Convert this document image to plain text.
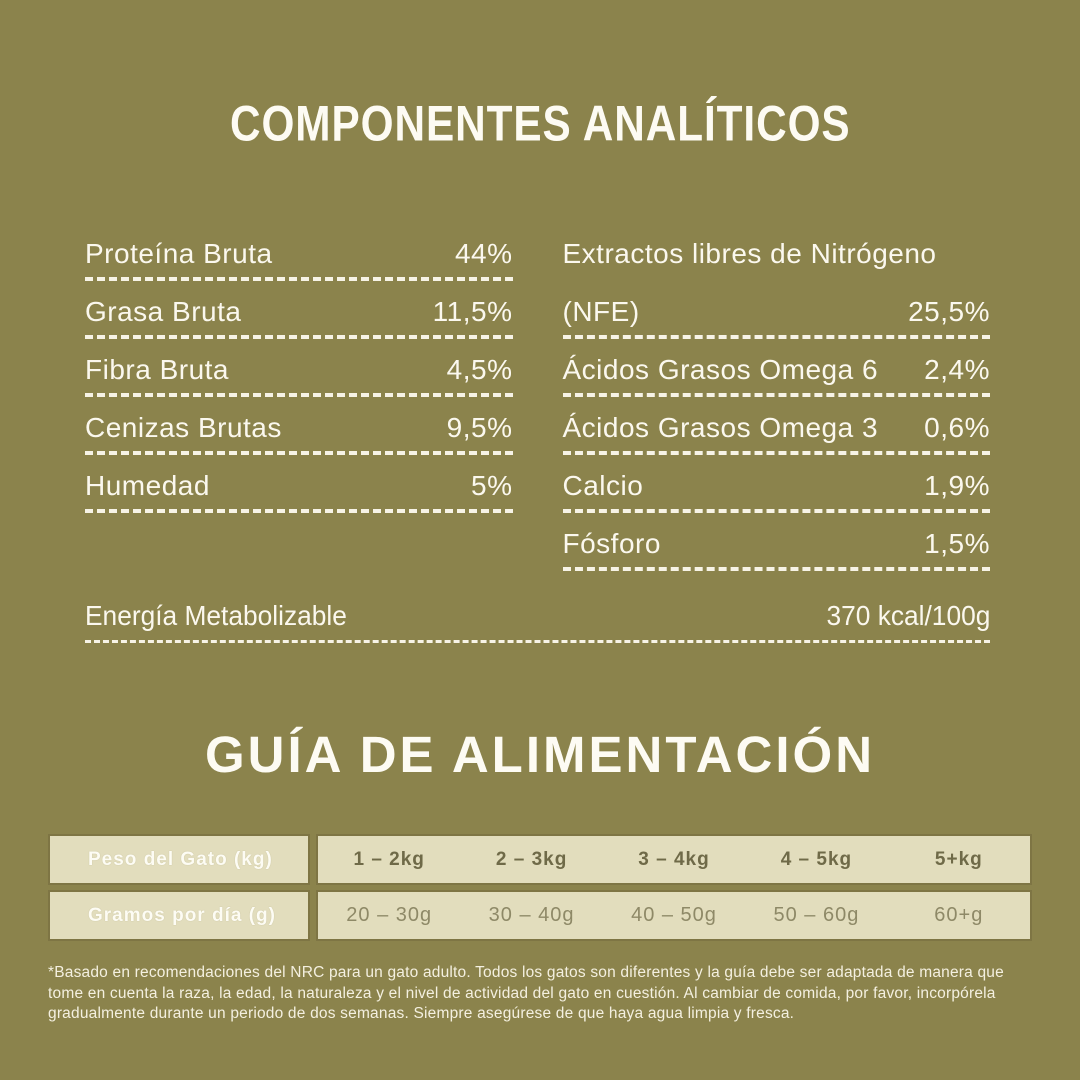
COMPONENTES ANALÍTICOS
Proteína Bruta	44%
Grasa Bruta	11,5%
Fibra Bruta	4,5%
Cenizas Brutas	9,5%
Humedad	5%
Extractos libres de Nitrógeno
(NFE)	25,5%
Ácidos Grasos Omega 6 2,4%
Ácidos Grasos Omega 3 0,6%
Calcio	1,9%
Fósforo	1,5%
Energía Metabolizable	370 kcal/100g
GUÍA DE ALIMENTACIÓN
Peso del Gato (kg)	1 – 2kg	2 – 3kg	3 – 4kg	4 – 5kg	5+kg
Gramos por día (g)	20 – 30g	30 – 40g	40 – 50g	50 – 60g	60+g
*Basado en recomendaciones del NRC para un gato adulto. Todos los gatos son diferentes y la guía debe ser adaptada de manera que tome en cuenta la raza, la edad, la naturaleza y el nivel de actividad del gato en cuestión. Al cambiar de comida, por favor, incorpórela gradualmente durante un periodo de dos semanas. Siempre asegúrese de que haya agua limpia y fresca.
